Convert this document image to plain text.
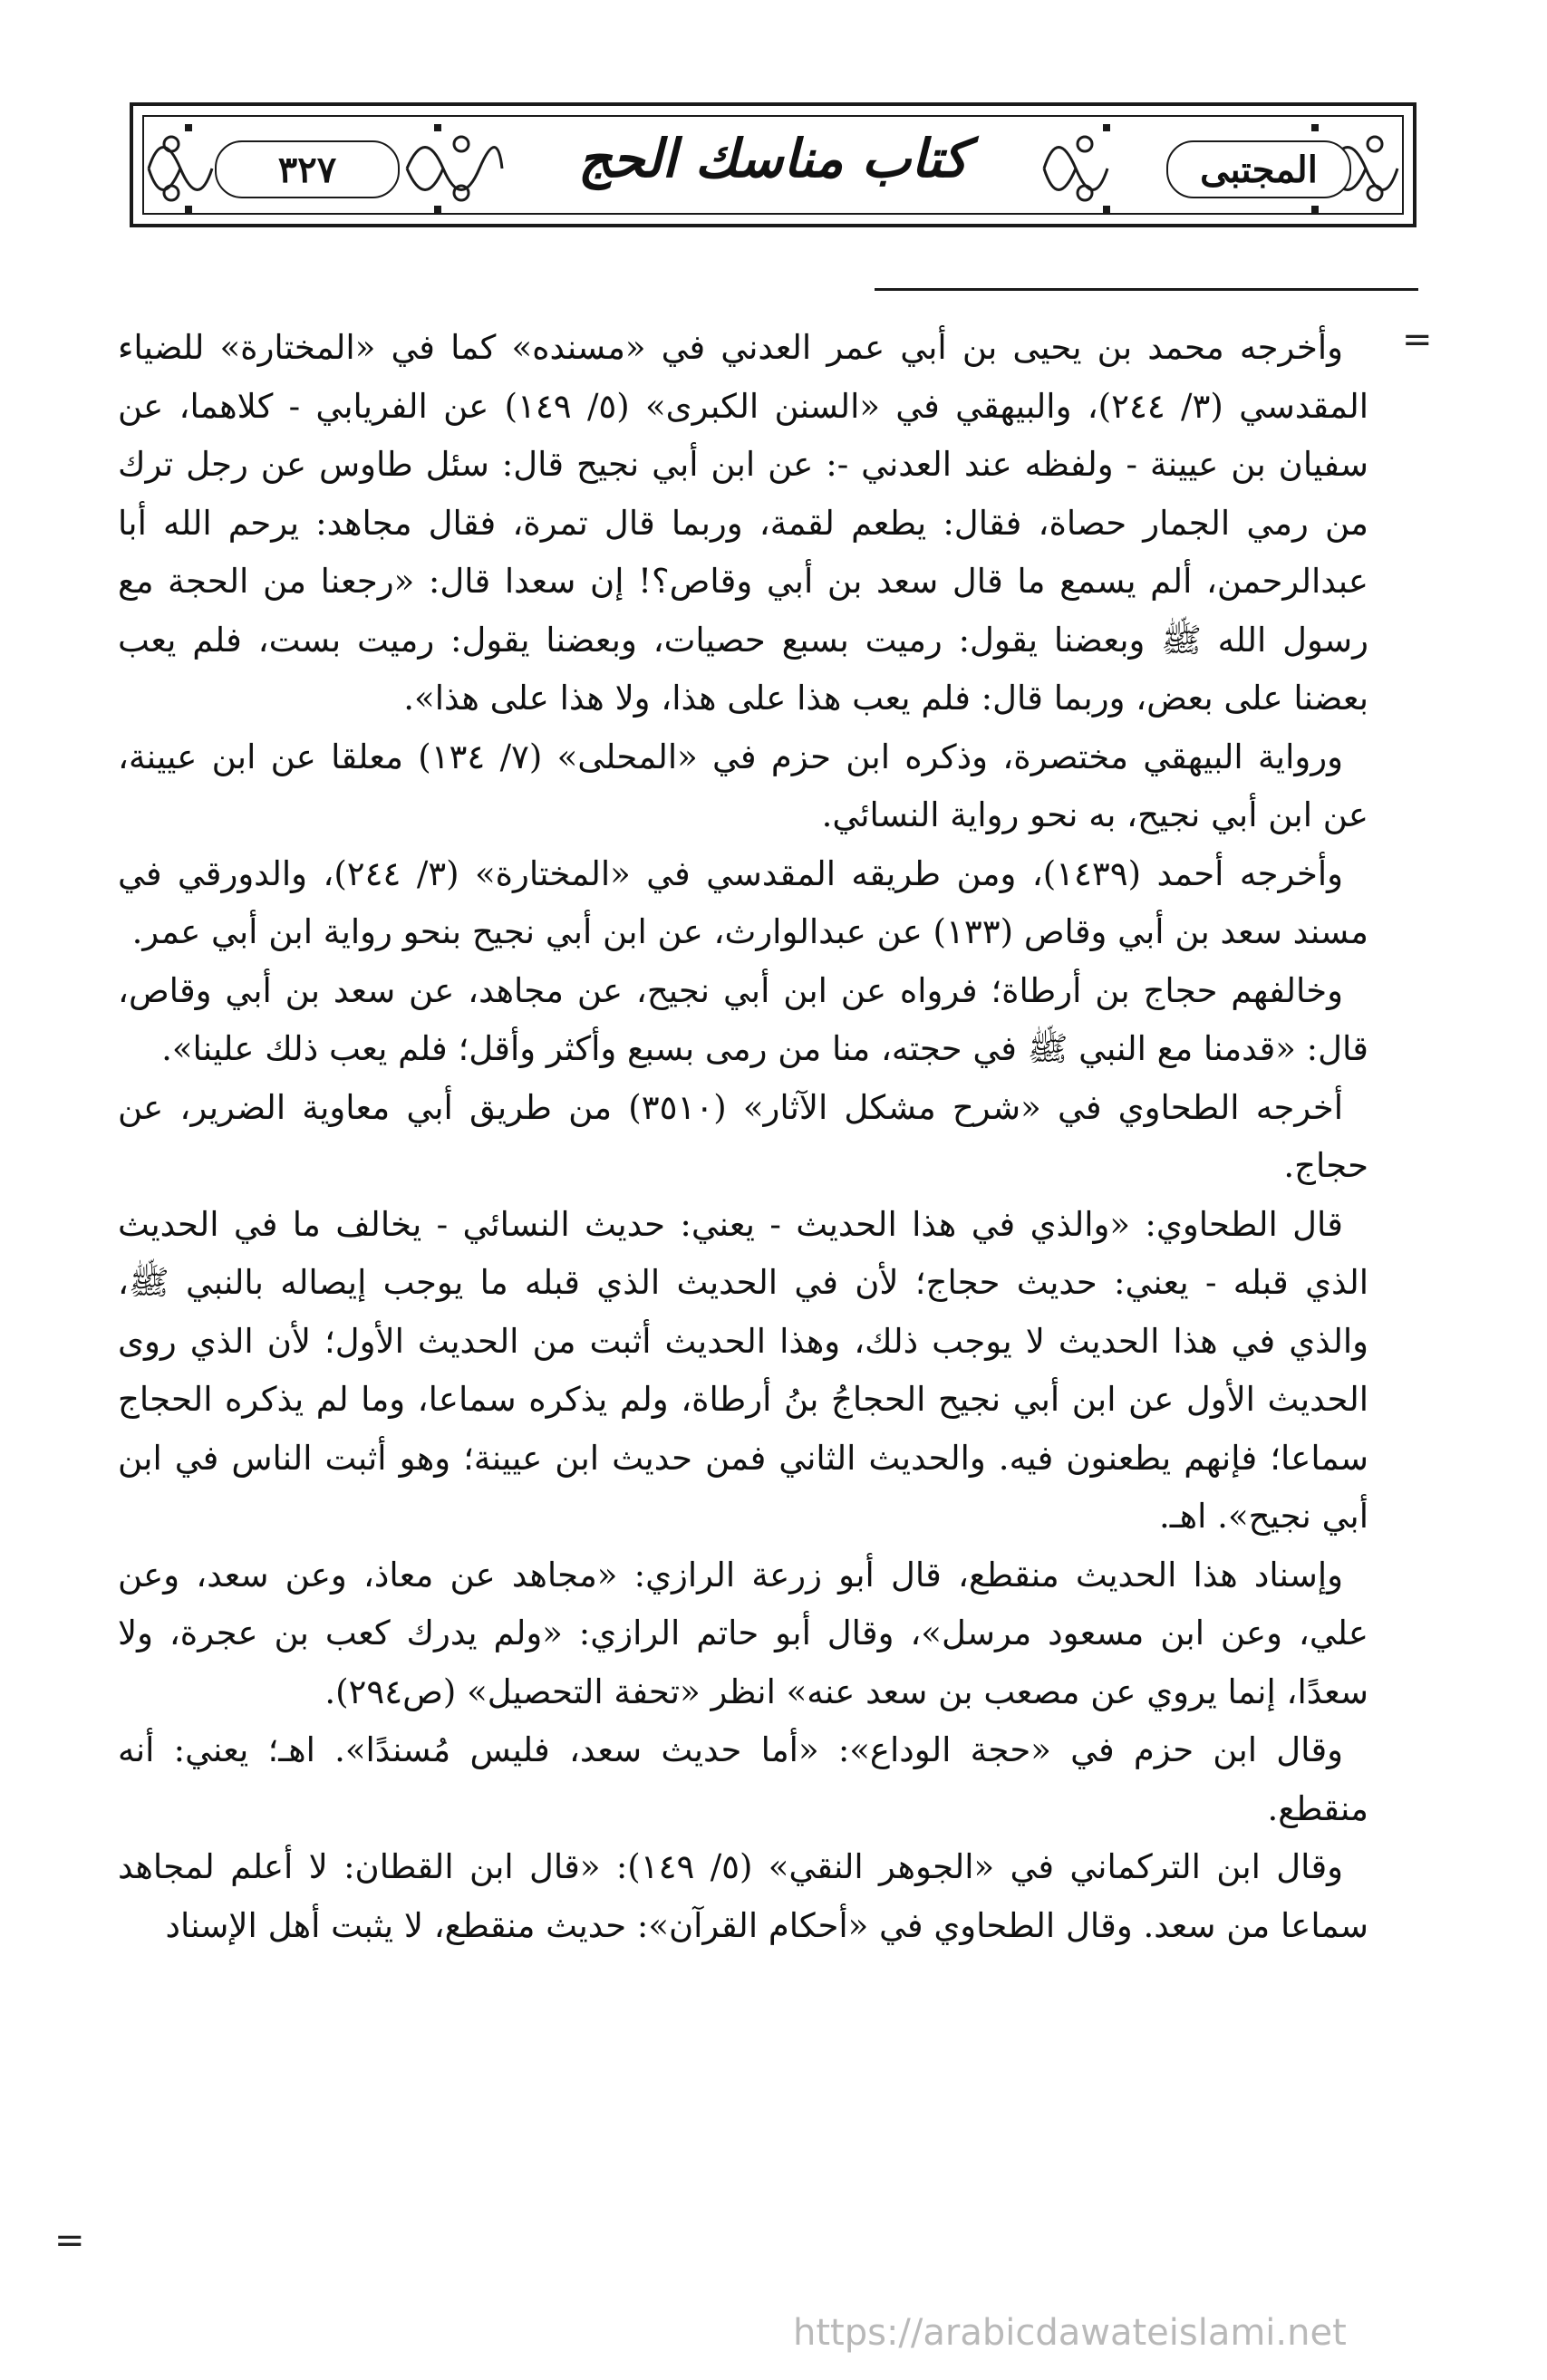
٣٢٧	المجتبى
كتاب مناسك الحج
=

وأخرجه محمد بن يحيى بن أبي عمر العدني في «مسنده» كما في «المختارة» للضياء المقدسي (٣/ ٢٤٤)، والبيهقي في «السنن الكبرى» (٥/ ١٤٩) عن الفريابي - كلاهما، عن سفيان بن عيينة - ولفظه عند العدني -: عن ابن أبي نجيح قال: سئل طاوس عن رجل ترك من رمي الجمار حصاة، فقال: يطعم لقمة، وربما قال تمرة، فقال مجاهد: يرحم الله أبا عبدالرحمن، ألم يسمع ما قال سعد بن أبي وقاص؟! إن سعدا قال: «رجعنا من الحجة مع رسول الله ﷺ وبعضنا يقول: رميت بسبع حصيات، وبعضنا يقول: رميت بست، فلم يعب بعضنا على بعض، وربما قال: فلم يعب هذا على هذا، ولا هذا على هذا».

ورواية البيهقي مختصرة، وذكره ابن حزم في «المحلى» (٧/ ١٣٤) معلقا عن ابن عيينة، عن ابن أبي نجيح، به نحو رواية النسائي.

وأخرجه أحمد (١٤٣٩)، ومن طريقه المقدسي في «المختارة» (٣/ ٢٤٤)، والدورقي في مسند سعد بن أبي وقاص (١٣٣) عن عبدالوارث، عن ابن أبي نجيح بنحو رواية ابن أبي عمر.

وخالفهم حجاج بن أرطاة؛ فرواه عن ابن أبي نجيح، عن مجاهد، عن سعد بن أبي وقاص، قال: «قدمنا مع النبي ﷺ في حجته، منا من رمى بسبع وأكثر وأقل؛ فلم يعب ذلك علينا».

أخرجه الطحاوي في «شرح مشكل الآثار» (٣٥١٠) من طريق أبي معاوية الضرير، عن حجاج.

قال الطحاوي: «والذي في هذا الحديث - يعني: حديث النسائي - يخالف ما في الحديث الذي قبله - يعني: حديث حجاج؛ لأن في الحديث الذي قبله ما يوجب إيصاله بالنبي ﷺ، والذي في هذا الحديث لا يوجب ذلك، وهذا الحديث أثبت من الحديث الأول؛ لأن الذي روى الحديث الأول عن ابن أبي نجيح الحجاجُ بنُ أرطاة، ولم يذكره سماعا، وما لم يذكره الحجاج سماعا؛ فإنهم يطعنون فيه. والحديث الثاني فمن حديث ابن عيينة؛ وهو أثبت الناس في ابن أبي نجيح». اهـ.

وإسناد هذا الحديث منقطع، قال أبو زرعة الرازي: «مجاهد عن معاذ، وعن سعد، وعن علي، وعن ابن مسعود مرسل»، وقال أبو حاتم الرازي: «ولم يدرك كعب بن عجرة، ولا سعدًا، إنما يروي عن مصعب بن سعد عنه» انظر «تحفة التحصيل» (ص٢٩٤).

وقال ابن حزم في «حجة الوداع»: «أما حديث سعد، فليس مُسندًا». اهـ؛ يعني: أنه منقطع.

وقال ابن التركماني في «الجوهر النقي» (٥/ ١٤٩): «قال ابن القطان: لا أعلم لمجاهد سماعا من سعد. وقال الطحاوي في «أحكام القرآن»: حديث منقطع، لا يثبت أهل الإسناد

=
https://arabicdawateislami.net
